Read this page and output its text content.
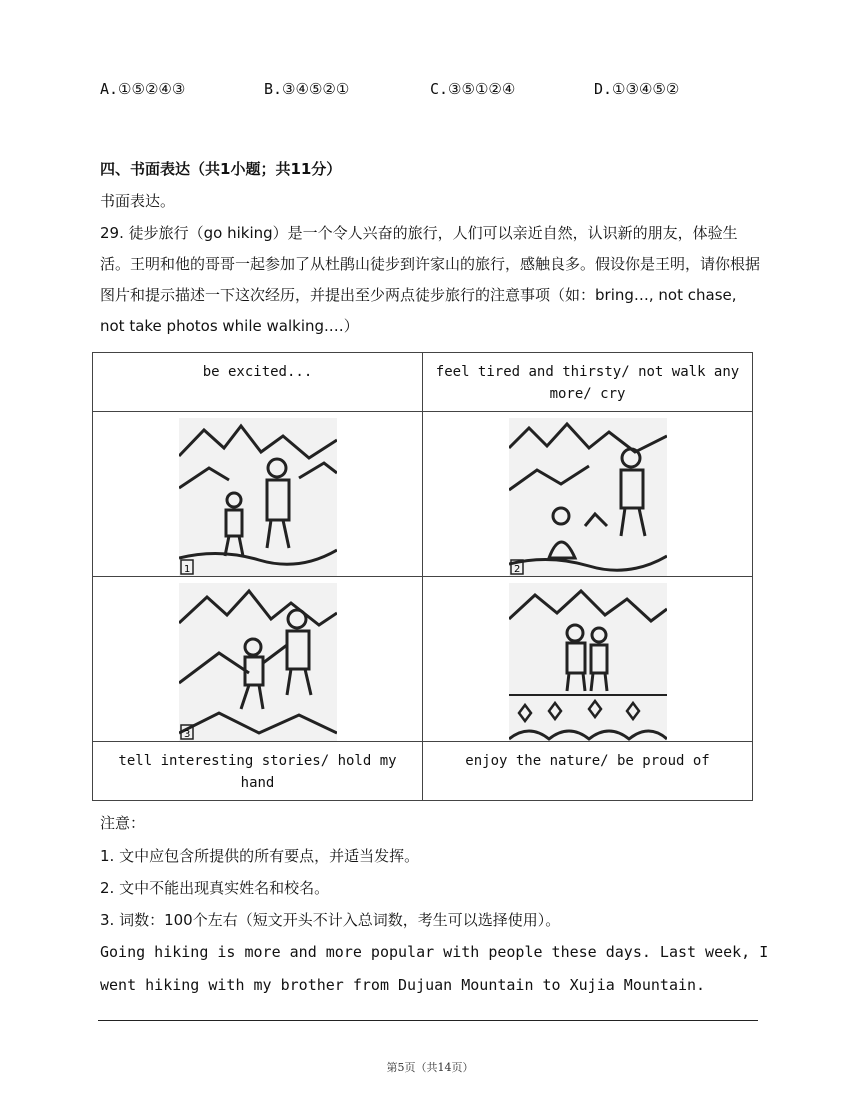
A.①⑤②④③	B.③④⑤②①	C.③⑤①②④	D.①③④⑤②
四、书面表达（共1小题；共11分）
书面表达。
29. 徒步旅行（go hiking）是一个令人兴奋的旅行，人们可以亲近自然，认识新的朋友，体验生活。王明和他的哥哥一起参加了从杜鹃山徒步到许家山的旅行，感触良多。假设你是王明，请你根据图片和提示描述一下这次经历，并提出至少两点徒步旅行的注意事项（如：bring…, not chase, not take photos while walking.…）
be excited...	feel tired and thirsty/ not walk any more/ cry

1	2

3

tell interesting stories/ hold my hand	enjoy the nature/ be proud of
注意：
1. 文中应包含所提供的所有要点，并适当发挥。
2. 文中不能出现真实姓名和校名。
3. 词数：100个左右（短文开头不计入总词数，考生可以选择使用）。
Going hiking is more and more popular with people these days. Last week, I
went hiking with my brother from Dujuan Mountain to Xujia Mountain.
第5页（共14页）
